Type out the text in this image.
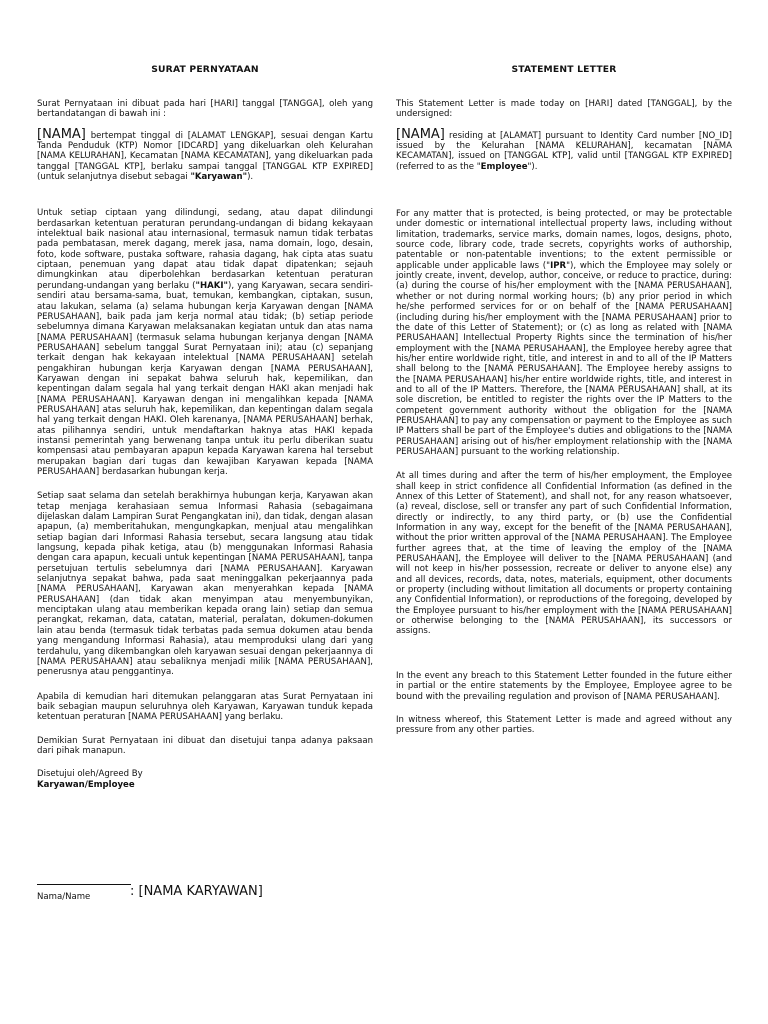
SURAT PERNYATAAN
Surat Pernyataan ini dibuat pada hari [HARI] tanggal [TANGGA], oleh yang bertandatangan di bawah ini :
[NAMA] bertempat tinggal di [ALAMAT LENGKAP], sesuai dengan Kartu Tanda Penduduk (KTP) Nomor [IDCARD] yang dikeluarkan oleh Kelurahan [NAMA KELURAHAN], Kecamatan [NAMA KECAMATAN], yang dikeluarkan pada tanggal [TANGGAL KTP], berlaku sampai tanggal [TANGGAL KTP EXPIRED] (untuk selanjutnya disebut sebagai "Karyawan").
Untuk setiap ciptaan yang dilindungi, sedang, atau dapat dilindungi berdasarkan ketentuan peraturan perundang-undangan di bidang kekayaan intelektual baik nasional atau internasional, termasuk namun tidak terbatas pada pembatasan, merek dagang, merek jasa, nama domain, logo, desain, foto, kode software, pustaka software, rahasia dagang, hak cipta atas suatu ciptaan, penemuan yang dapat atau tidak dapat dipatenkan; sejauh dimungkinkan atau diperbolehkan berdasarkan ketentuan peraturan perundang-undangan yang berlaku ("HAKI"), yang Karyawan, secara sendiri-sendiri atau bersama-sama, buat, temukan, kembangkan, ciptakan, susun, atau lakukan, selama (a) selama hubungan kerja Karyawan dengan [NAMA PERUSAHAAN], baik pada jam kerja normal atau tidak; (b) setiap periode sebelumnya dimana Karyawan melaksanakan kegiatan untuk dan atas nama [NAMA PERUSAHAAN] (termasuk selama hubungan kerjanya dengan [NAMA PERUSAHAAN] sebelum tanggal Surat Pernyataan ini); atau (c) sepanjang terkait dengan hak kekayaan intelektual [NAMA PERUSAHAAN] setelah pengakhiran hubungan kerja Karyawan dengan [NAMA PERUSAHAAN], Karyawan dengan ini sepakat bahwa seluruh hak, kepemilikan, dan kepentingan dalam segala hal yang terkait dengan HAKI akan menjadi hak [NAMA PERUSAHAAN]. Karyawan dengan ini mengalihkan kepada [NAMA PERUSAHAAN] atas seluruh hak, kepemilikan, dan kepentingan dalam segala hal yang terkait dengan HAKI. Oleh karenanya, [NAMA PERUSAHAAN] berhak, atas pilihannya sendiri, untuk mendaftarkan haknya atas HAKI kepada instansi pemerintah yang berwenang tanpa untuk itu perlu diberikan suatu kompensasi atau pembayaran apapun kepada Karyawan karena hal tersebut merupakan bagian dari tugas dan kewajiban Karyawan kepada [NAMA PERUSAHAAN] berdasarkan hubungan kerja.
Setiap saat selama dan setelah berakhirnya hubungan kerja, Karyawan akan tetap menjaga kerahasiaan semua Informasi Rahasia (sebagaimana dijelaskan dalam Lampiran Surat Pengangkatan ini), dan tidak, dengan alasan apapun, (a) memberitahukan, mengungkapkan, menjual atau mengalihkan setiap bagian dari Informasi Rahasia tersebut, secara langsung atau tidak langsung, kepada pihak ketiga, atau (b) menggunakan Informasi Rahasia dengan cara apapun, kecuali untuk kepentingan [NAMA PERUSAHAAN], tanpa persetujuan tertulis sebelumnya dari [NAMA PERUSAHAAN]. Karyawan selanjutnya sepakat bahwa, pada saat meninggalkan pekerjaannya pada [NAMA PERUSAHAAN], Karyawan akan menyerahkan kepada [NAMA PERUSAHAAN] (dan tidak akan menyimpan atau menyembunyikan, menciptakan ulang atau memberikan kepada orang lain) setiap dan semua perangkat, rekaman, data, catatan, material, peralatan, dokumen-dokumen lain atau benda (termasuk tidak terbatas pada semua dokumen atau benda yang mengandung Informasi Rahasia), atau memproduksi ulang dari yang terdahulu, yang dikembangkan oleh karyawan sesuai dengan pekerjaannya di [NAMA PERUSAHAAN] atau sebaliknya menjadi milik [NAMA PERUSAHAAN], penerusnya atau penggantinya.
Apabila di kemudian hari ditemukan pelanggaran atas Surat Pernyataan ini baik sebagian maupun seluruhnya oleh Karyawan, Karyawan tunduk kepada ketentuan peraturan [NAMA PERUSAHAAN] yang berlaku.
Demikian Surat Pernyataan ini dibuat dan disetujui tanpa adanya paksaan dari pihak manapun.
Disetujui oleh/Agreed By
Karyawan/Employee
STATEMENT LETTER
This Statement Letter is made today on [HARI] dated [TANGGAL], by the undersigned:
[NAMA] residing at [ALAMAT] pursuant to Identity Card number [NO_ID] issued by the Kelurahan [NAMA KELURAHAN], kecamatan [NAMA KECAMATAN], issued on [TANGGAL KTP], valid until [TANGGAL KTP EXPIRED] (referred to as the "Employee").
For any matter that is protected, is being protected, or may be protectable under domestic or international intellectual property laws, including without limitation, trademarks, service marks, domain names, logos, designs, photo, source code, library code, trade secrets, copyrights works of authorship, patentable or non-patentable inventions; to the extent permissible or applicable under applicable laws ("IPR"), which the Employee may solely or jointly create, invent, develop, author, conceive, or reduce to practice, during: (a) during the course of his/her employment with the [NAMA PERUSAHAAN], whether or not during normal working hours; (b) any prior period in which he/she performed services for or on behalf of the [NAMA PERUSAHAAN] (including during his/her employment with the [NAMA PERUSAHAAN] prior to the date of this Letter of Statement); or (c) as long as related with [NAMA PERUSAHAAN] Intellectual Property Rights since the termination of his/her employment with the [NAMA PERUSAHAAN], the Employee hereby agree that his/her entire worldwide right, title, and interest in and to all of the IP Matters shall belong to the [NAMA PERUSAHAAN]. The Employee hereby assigns to the [NAMA PERUSAHAAN] his/her entire worldwide rights, title, and interest in and to all of the IP Matters. Therefore, the [NAMA PERUSAHAAN] shall, at its sole discretion, be entitled to register the rights over the IP Matters to the competent government authority without the obligation for the [NAMA PERUSAHAAN] to pay any compensation or payment to the Employee as such IP Matters shall be part of the Employee's duties and obligations to the [NAMA PERUSAHAAN] arising out of his/her employment relationship with the [NAMA PERUSAHAAN] pursuant to the working relationship.
At all times during and after the term of his/her employment, the Employee shall keep in strict confidence all Confidential Information (as defined in the Annex of this Letter of Statement), and shall not, for any reason whatsoever, (a) reveal, disclose, sell or transfer any part of such Confidential Information, directly or indirectly, to any third party, or (b) use the Confidential Information in any way, except for the benefit of the [NAMA PERUSAHAAN], without the prior written approval of the [NAMA PERUSAHAAN]. The Employee further agrees that, at the time of leaving the employ of the [NAMA PERUSAHAAN], the Employee will deliver to the [NAMA PERUSAHAAN] (and will not keep in his/her possession, recreate or deliver to anyone else) any and all devices, records, data, notes, materials, equipment, other documents or property (including without limitation all documents or property containing any Confidential Information), or reproductions of the foregoing, developed by the Employee pursuant to his/her employment with the [NAMA PERUSAHAAN] or otherwise belonging to the [NAMA PERUSAHAAN], its successors or assigns.
In the event any breach to this Statement Letter founded in the future either in partial or the entire statements by the Employee, Employee agree to be bound with the prevailing regulation and provison of [NAMA PERUSAHAAN].
In witness whereof, this Statement Letter is made and agreed without any pressure from any other parties.
Nama/Name	: [NAMA KARYAWAN]
